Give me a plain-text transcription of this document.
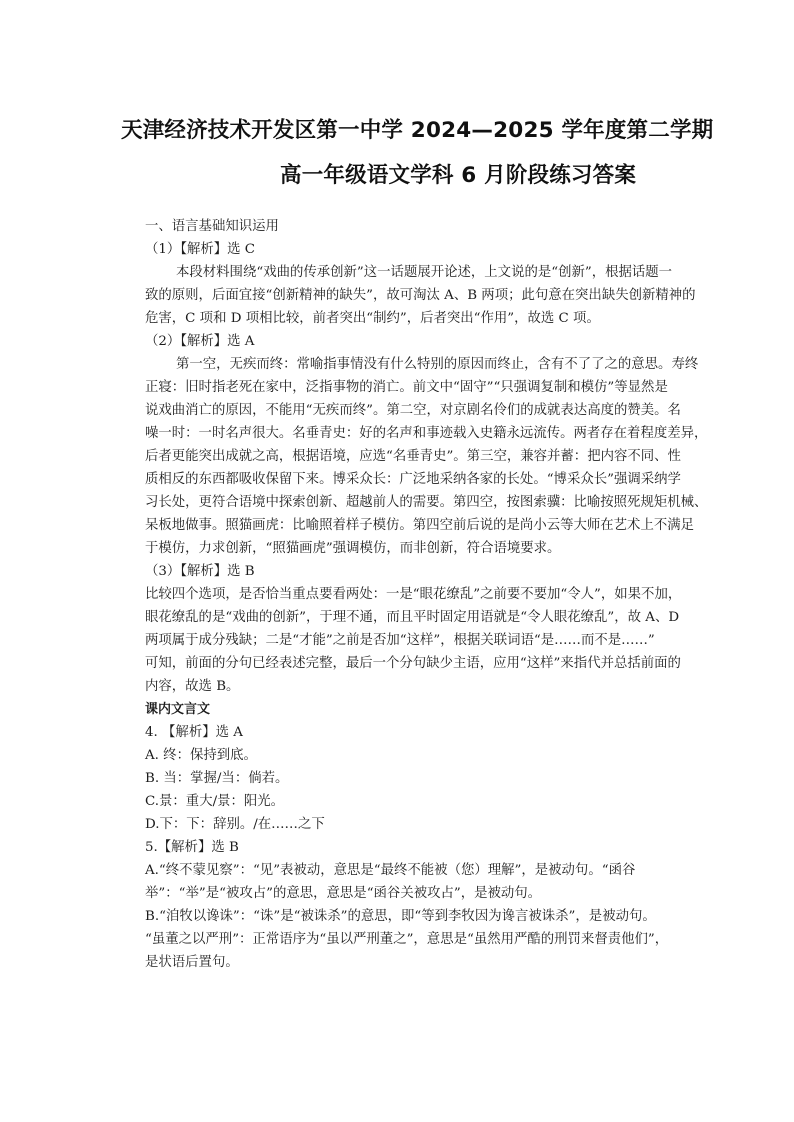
天津经济技术开发区第一中学 2024—2025 学年度第二学期
高一年级语文学科 6 月阶段练习答案
一、语言基础知识运用
（1）【解析】选 C
本段材料围绕“戏曲的传承创新”这一话题展开论述，上文说的是“创新”，根据话题一
致的原则，后面宜接“创新精神的缺失”，故可淘汰 A、B 两项；此句意在突出缺失创新精神的
危害，C 项和 D 项相比较，前者突出“制约”，后者突出“作用”，故选 C 项。
（2）【解析】选 A
第一空，无疾而终：常喻指事情没有什么特别的原因而终止，含有不了了之的意思。寿终
正寝：旧时指老死在家中，泛指事物的消亡。前文中“固守”“只强调复制和模仿”等显然是
说戏曲消亡的原因，不能用“无疾而终”。第二空，对京剧名伶们的成就表达高度的赞美。名
噪一时：一时名声很大。名垂青史：好的名声和事迹载入史籍永远流传。两者存在着程度差异，
后者更能突出成就之高，根据语境，应选“名垂青史”。第三空，兼容并蓄：把内容不同、性
质相反的东西都吸收保留下来。博采众长：广泛地采纳各家的长处。“博采众长”强调采纳学
习长处，更符合语境中探索创新、超越前人的需要。第四空，按图索骥：比喻按照死规矩机械、
呆板地做事。照猫画虎：比喻照着样子模仿。第四空前后说的是尚小云等大师在艺术上不满足
于模仿，力求创新，“照猫画虎”强调模仿，而非创新，符合语境要求。
（3）【解析】选 B
比较四个选项，是否恰当重点要看两处：一是“眼花缭乱”之前要不要加“令人”，如果不加，
眼花缭乱的是“戏曲的创新”，于理不通，而且平时固定用语就是“令人眼花缭乱”，故 A、D
两项属于成分残缺；二是“才能”之前是否加“这样”，根据关联词语“是……而不是……”
可知，前面的分句已经表述完整，最后一个分句缺少主语，应用“这样”来指代并总括前面的
内容，故选 B。
课内文言文
4. 【解析】选 A
A. 终：保持到底。
B. 当：掌握/当：倘若。
C.景：重大/景：阳光。
D.下：下：辞别。/在……之下
5.【解析】选 B
A.“终不蒙见察”：“见”表被动，意思是“最终不能被（您）理解”，是被动句。“函谷
举”：“举”是“被攻占”的意思，意思是“函谷关被攻占”，是被动句。
B.“洎牧以谗诛”：“诛”是“被诛杀”的意思，即“等到李牧因为谗言被诛杀”，是被动句。
“虽董之以严刑”：正常语序为“虽以严刑董之”，意思是“虽然用严酷的刑罚来督责他们”，
是状语后置句。
